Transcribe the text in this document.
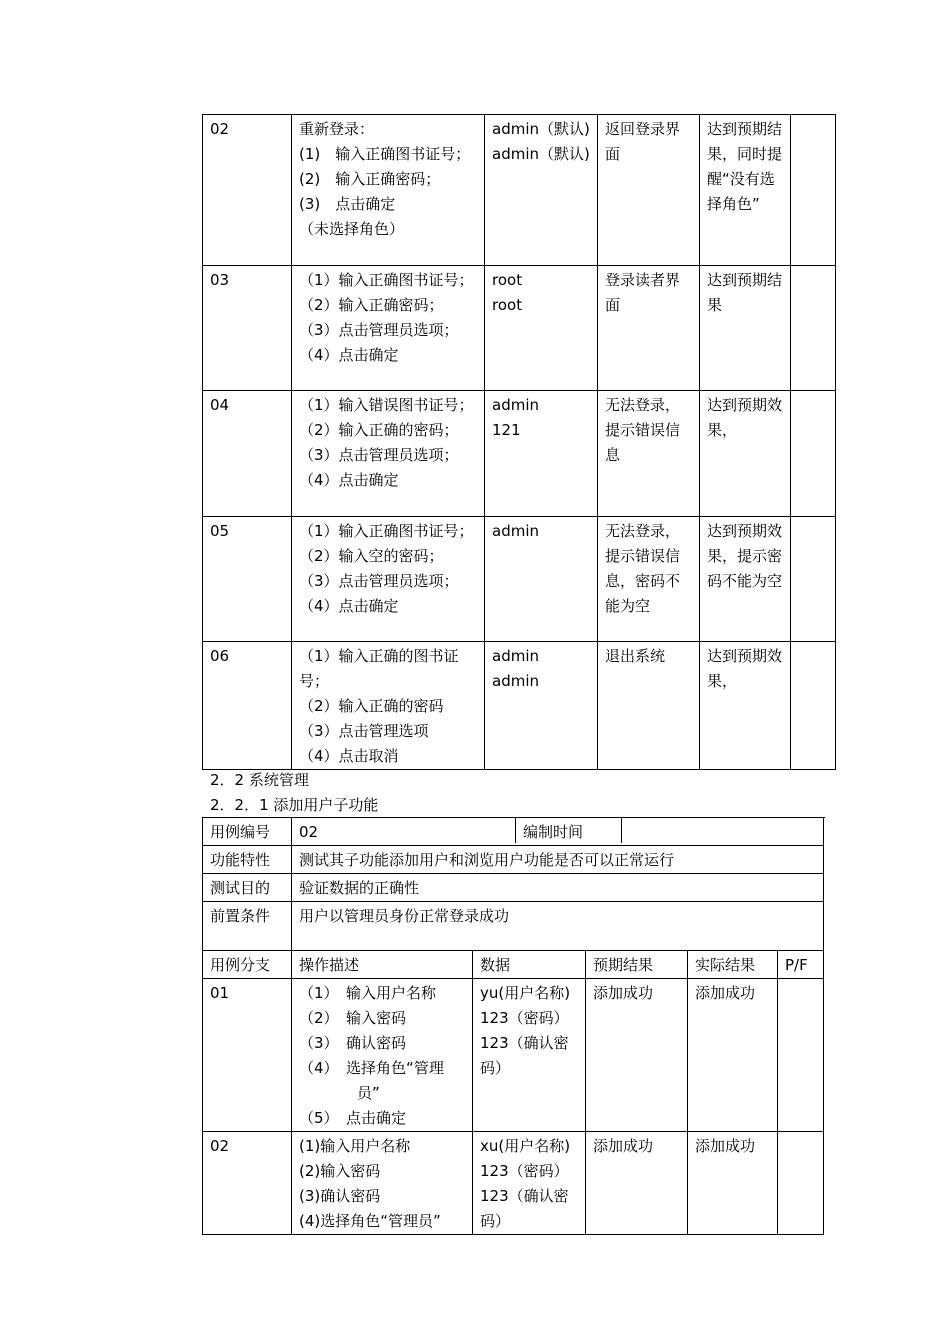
02	重新登录：
(1)　输入正确图书证号；
(2)　输入正确密码；
(3)　点击确定
（未选择角色）	admin（默认)
admin（默认)	返回登录界面	达到预期结果，同时提醒“没有选择角色”	
03	（1）输入正确图书证号；
（2）输入正确密码；
（3）点击管理员选项；
（4）点击确定	root
root	登录读者界面	达到预期结果	
04	（1）输入错误图书证号；
（2）输入正确的密码；
（3）点击管理员选项；
（4）点击确定	admin
121	无法登录，提示错误信息	达到预期效果，	
05	（1）输入正确图书证号；
（2）输入空的密码；
（3）点击管理员选项；
（4）点击确定	admin	无法登录，提示错误信息，密码不能为空	达到预期效果，提示密码不能为空	
06	（1）输入正确的图书证号；
（2）输入正确的密码
（3）点击管理选项
（4）点击取消	admin
admin	退出系统	达到预期效果，	
2．2 系统管理
2．2．1 添加用户子功能
用例编号	02 编制时间				

功能特性	测试其子功能添加用户和浏览用户功能是否可以正常运行				
测试目的	验证数据的正确性				
前置条件	用户以管理员身份正常登录成功				
用例分支	操作描述	数据	预期结果	实际结果	P/F
01	（1）　输入用户名称
（2）　输入密码
（3）　确认密码
（4）　选择角色“管理员”
（5）　点击确定	yu(用户名称)
123（密码）
123（确认密码）	添加成功	添加成功	
02	(1)输入用户名称
(2)输入密码
(3)确认密码
(4)选择角色“管理员”	xu(用户名称)
123（密码）
123（确认密码）	添加成功	添加成功	
